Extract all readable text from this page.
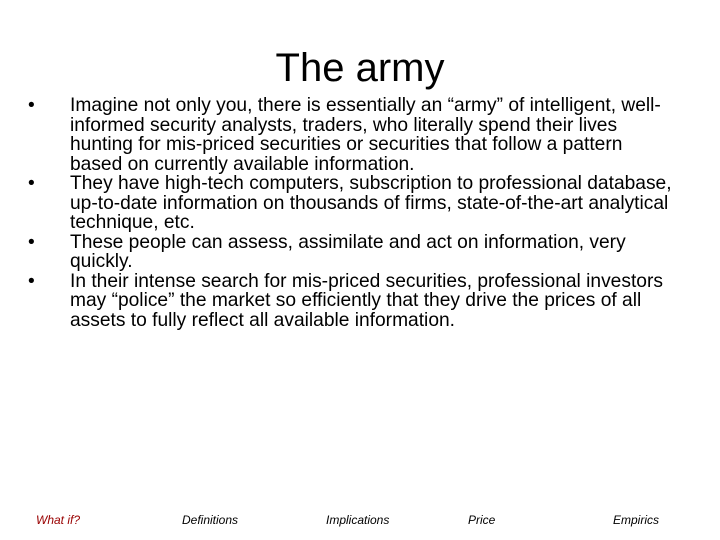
The army
•	Imagine not only you, there is essentially an “army” of intelligent, well-informed security analysts, traders, who literally spend their lives hunting for mis-priced securities or securities that follow a pattern based on currently available information.
•	They have high-tech computers, subscription to professional database, up-to-date information on thousands of firms, state-of-the-art analytical technique, etc.
•	These people can assess, assimilate and act on information, very quickly.
•	In their intense search for mis-priced securities, professional investors may “police” the market so efficiently that they drive the prices of all assets to fully reflect all available information.
What if?	Definitions	Implications	Price	Empirics
